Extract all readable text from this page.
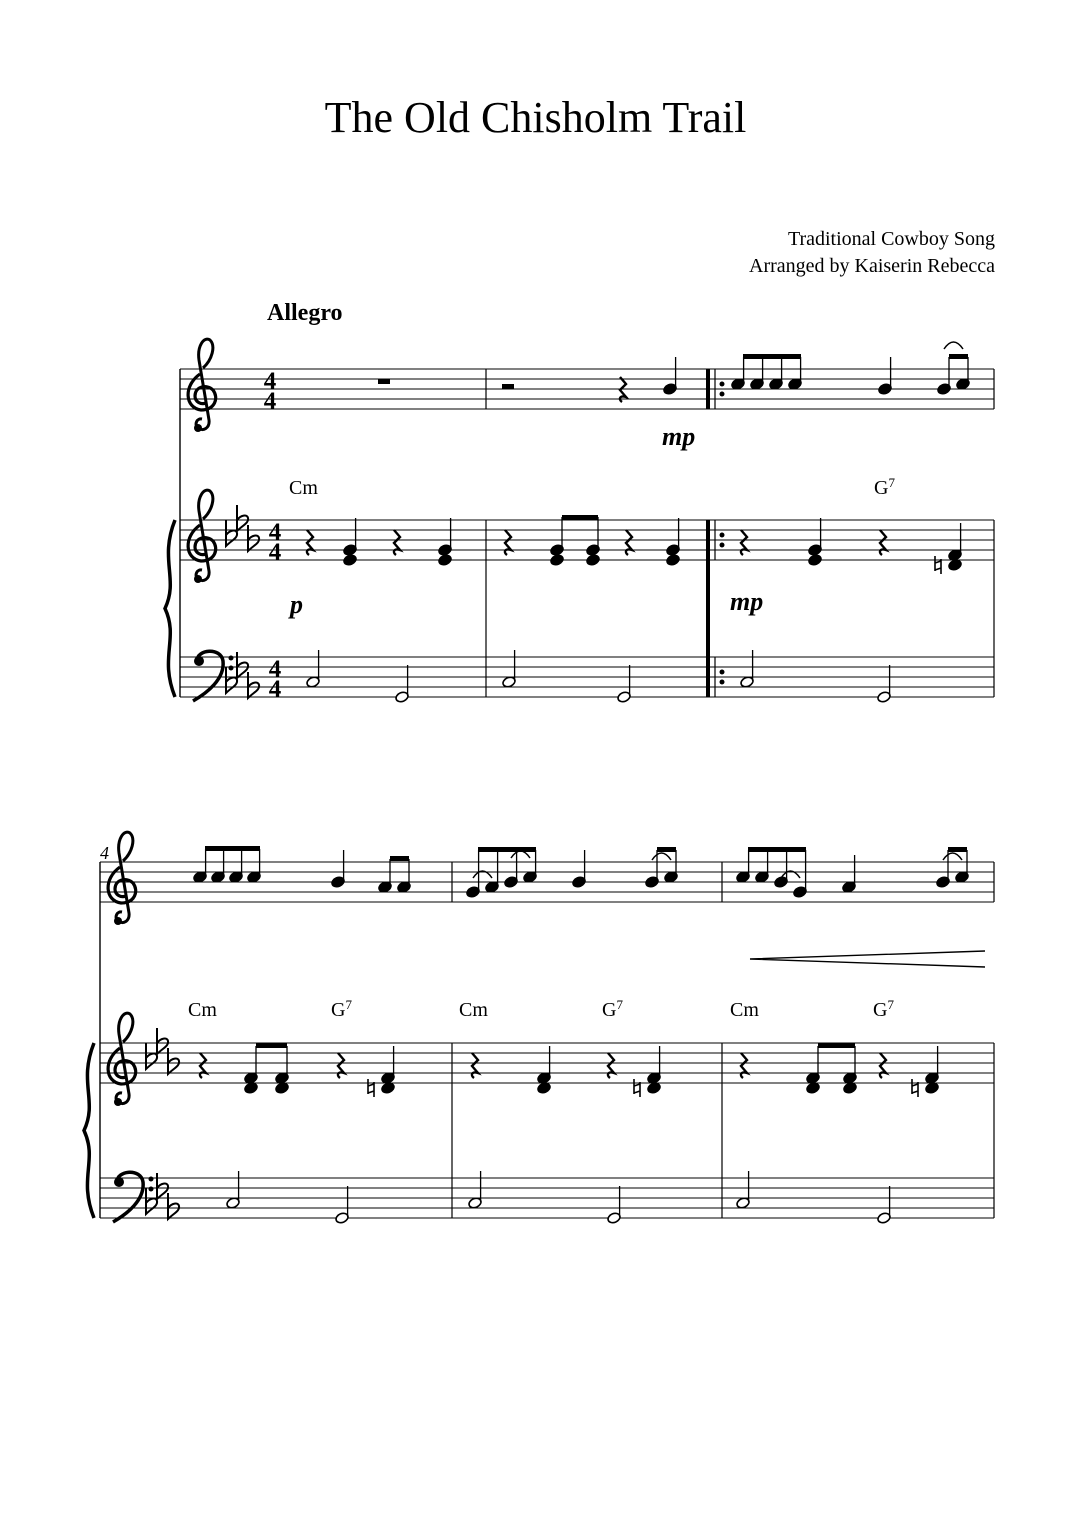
The Old Chisholm Trail
Traditional Cowboy Song
Arranged by Kaiserin Rebecca
Allegro
4
4
4
4
4
4
Cm	$G^7$
mp
p	mp
4
Cm	$G^7$	Cm	$G^7$	Cm	$G^7$
